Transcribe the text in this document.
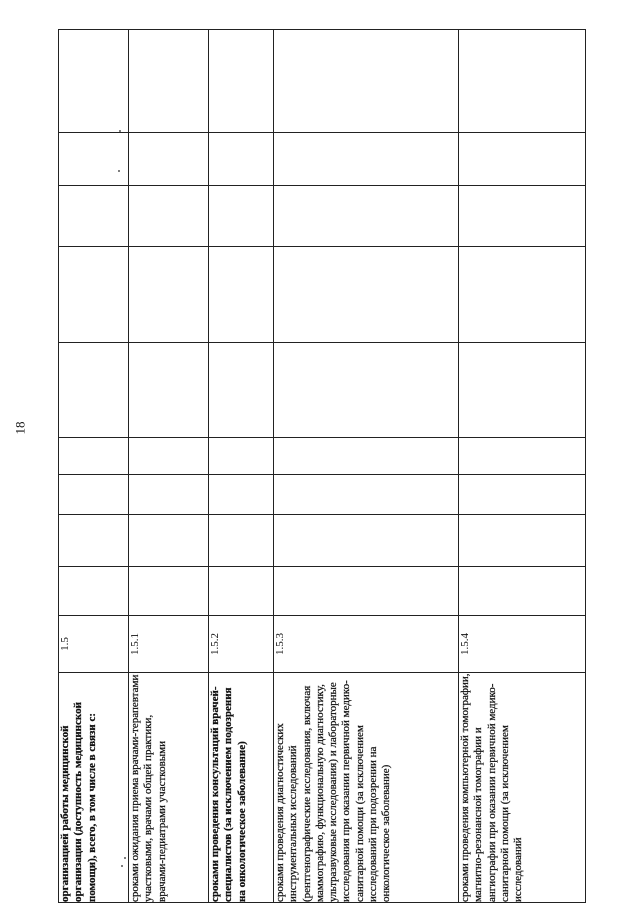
18
организацией работы медицинской организации (доступность медицинской помощи), всего, в том числе в связи с:	1.5									
сроками ожидания приема врачами-терапевтами участковыми, врачами общей практики, врачами-педиатрами участковыми	1.5.1									
сроками проведения консультаций врачей-специалистов (за исключением подозрения на онкологическое заболевание)	1.5.2									
сроками проведения диагностических инструментальных исследований (рентгенографические исследования, включая маммографию, функциональную диагностику, ультразвуковые исследования) и лабораторные исследования при оказании первичной медико-санитарной помощи (за исключением исследований при подозрении на онкологическое заболевание)	1.5.3									
сроками проведения компьютерной томографии, магнитно-резонансной томографии и ангиографии при оказании первичной медико-санитарной помощи (за исключением исследований	1.5.4									
